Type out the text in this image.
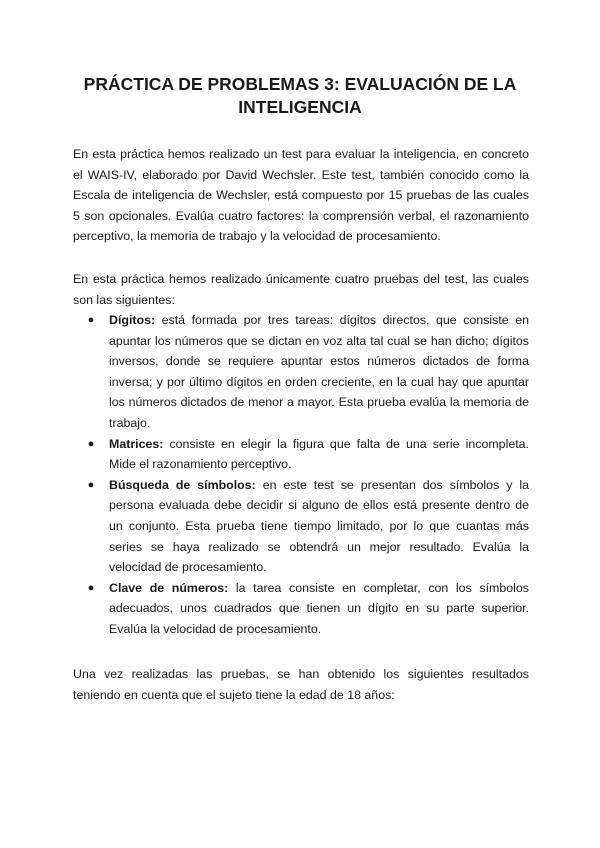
PRÁCTICA DE PROBLEMAS 3: EVALUACIÓN DE LA INTELIGENCIA

En esta práctica hemos realizado un test para evaluar la inteligencia, en concreto el WAIS-IV, elaborado por David Wechsler. Este test, también conocido como la Escala de inteligencia de Wechsler, está compuesto por 15 pruebas de las cuales 5 son opcionales. Evalúa cuatro factores: la comprensión verbal, el razonamiento perceptivo, la memoria de trabajo y la velocidad de procesamiento.

En esta práctica hemos realizado únicamente cuatro pruebas del test, las cuales son las siguientes:

● Dígitos: está formada por tres tareas: dígitos directos, que consiste en apuntar los números que se dictan en voz alta tal cual se han dicho; dígitos inversos, donde se requiere apuntar estos números dictados de forma inversa; y por último dígitos en orden creciente, en la cual hay que apuntar los números dictados de menor a mayor. Esta prueba evalúa la memoria de trabajo.
● Matrices: consiste en elegir la figura que falta de una serie incompleta. Mide el razonamiento perceptivo.
● Búsqueda de símbolos: en este test se presentan dos símbolos y la persona evaluada debe decidir si alguno de ellos está presente dentro de un conjunto. Esta prueba tiene tiempo limitado, por lo que cuantas más series se haya realizado se obtendrá un mejor resultado. Evalúa la velocidad de procesamiento.
● Clave de números: la tarea consiste en completar, con los símbolos adecuados, unos cuadrados que tienen un dígito en su parte superior. Evalúa la velocidad de procesamiento.

Una vez realizadas las pruebas, se han obtenido los siguientes resultados teniendo en cuenta que el sujeto tiene la edad de 18 años:
